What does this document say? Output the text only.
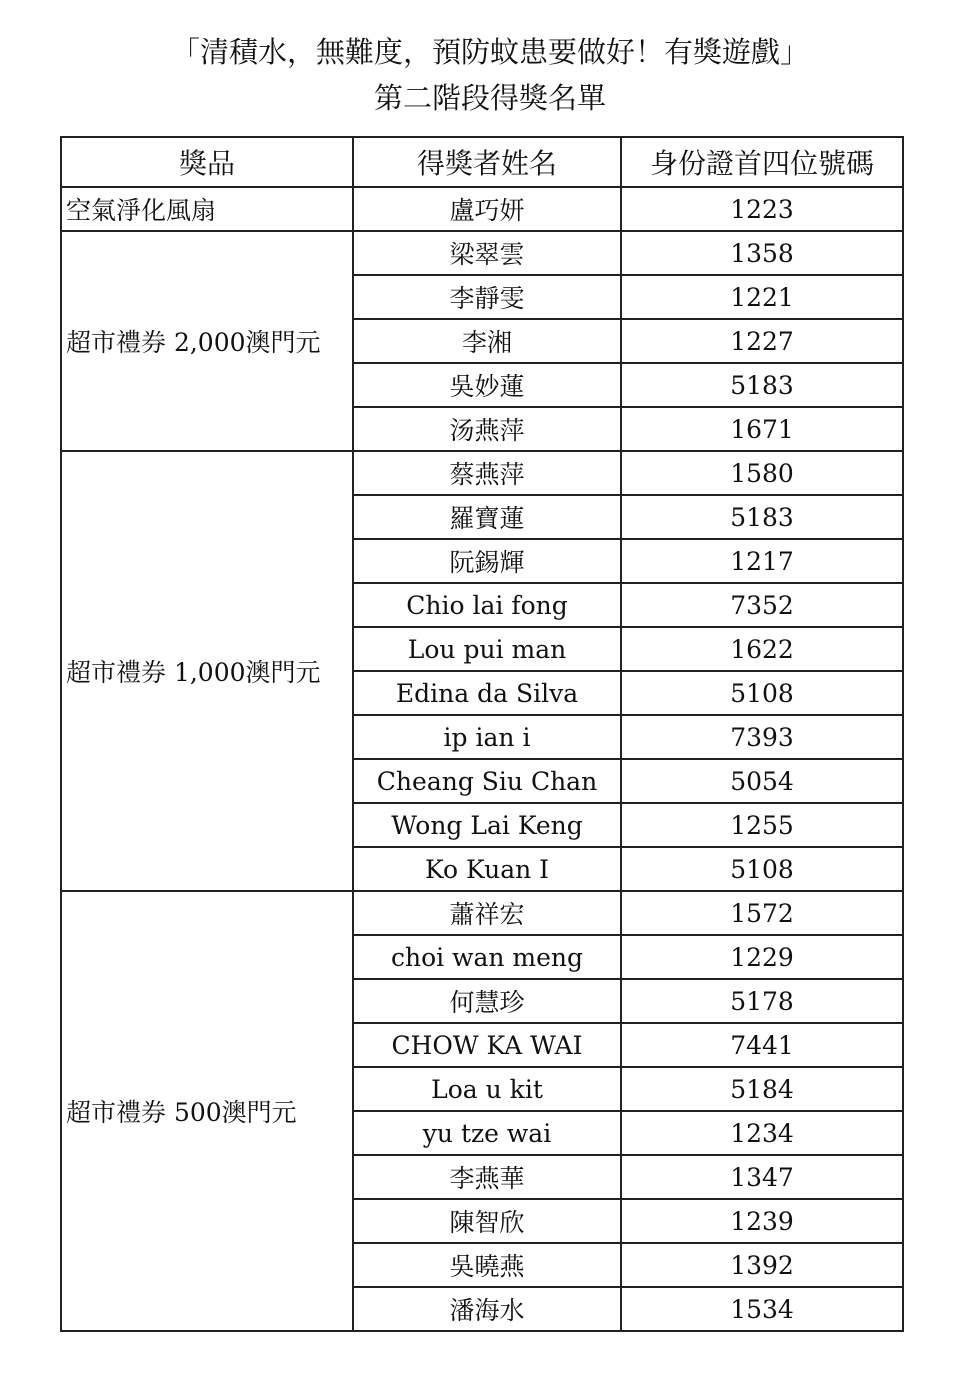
「清積水，無難度，預防蚊患要做好！有獎遊戲」
第二階段得獎名單
獎品	得獎者姓名	身份證首四位號碼
空氣淨化風扇	盧巧妍	1223
超市禮券 2,000澳門元	梁翠雲	1358
	李靜雯	1221
	李湘	1227
	吳妙蓮	5183
	汤燕萍	1671
超市禮券 1,000澳門元	蔡燕萍	1580
	羅寶蓮	5183
	阮錫輝	1217
	Chio lai fong	7352
	Lou pui man	1622
	Edina da Silva	5108
	ip ian i	7393
	Cheang Siu Chan	5054
	Wong Lai Keng	1255
	Ko Kuan I	5108
超市禮券 500澳門元	蕭祥宏	1572
	choi wan meng	1229
	何慧珍	5178
	CHOW KA WAI	7441
	Loa u kit	5184
	yu tze wai	1234
	李燕華	1347
	陳智欣	1239
	吳曉燕	1392
	潘海水	1534
